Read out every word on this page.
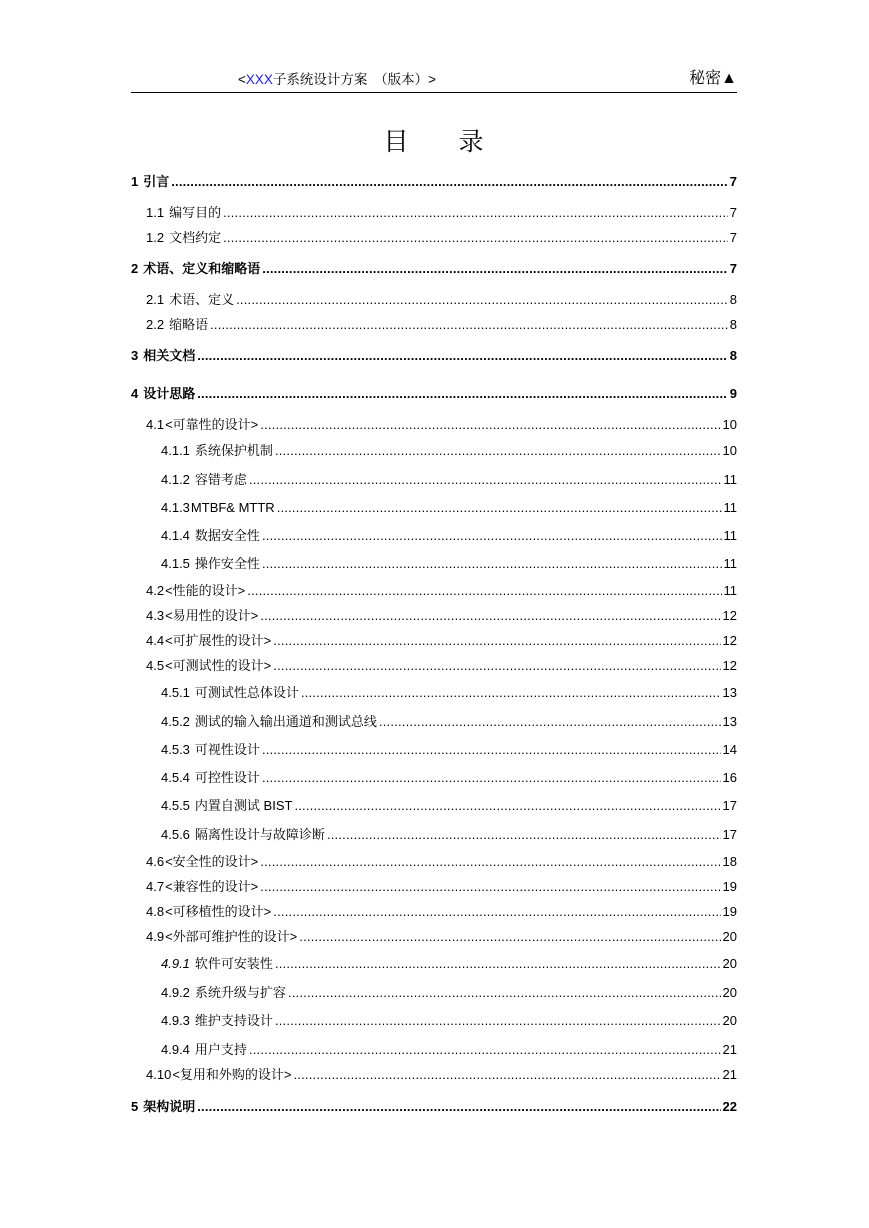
<XXX子系统设计方案　（版本）>	秘密▲
目 录
1 引言 .....	7
1.1 编写目的 .....	7
1.2 文档约定 .....	7
2 术语、定义和缩略语 .....	7
2.1 术语、定义 .....	8
2.2 缩略语 .....	8
3 相关文档 .....	8
4 设计思路 .....	9
4.1 <可靠性的设计> .....	10
4.1.1 系统保护机制 .....	10
4.1.2 容错考虑 .....	11
4.1.3 MTBF& MTTR .....	11
4.1.4 数据安全性 .....	11
4.1.5 操作安全性 .....	11
4.2 <性能的设计> .....	11
4.3 <易用性的设计> .....	12
4.4 <可扩展性的设计> .....	12
4.5 <可测试性的设计> .....	12
4.5.1 可测试性总体设计 .....	13
4.5.2 测试的输入输出通道和测试总线 .....	13
4.5.3 可视性设计 .....	14
4.5.4 可控性设计 .....	16
4.5.5 内置自测试 BIST .....	17
4.5.6 隔离性设计与故障诊断 .....	17
4.6 <安全性的设计> .....	18
4.7 <兼容性的设计> .....	19
4.8 <可移植性的设计> .....	19
4.9 <外部可维护性的设计> .....	20
4.9.1 软件可安装性 .....	20
4.9.2 系统升级与扩容 .....	20
4.9.3 维护支持设计 .....	20
4.9.4 用户支持 .....	21
4.10 <复用和外购的设计> .....	21
5 架构说明 .....	22
